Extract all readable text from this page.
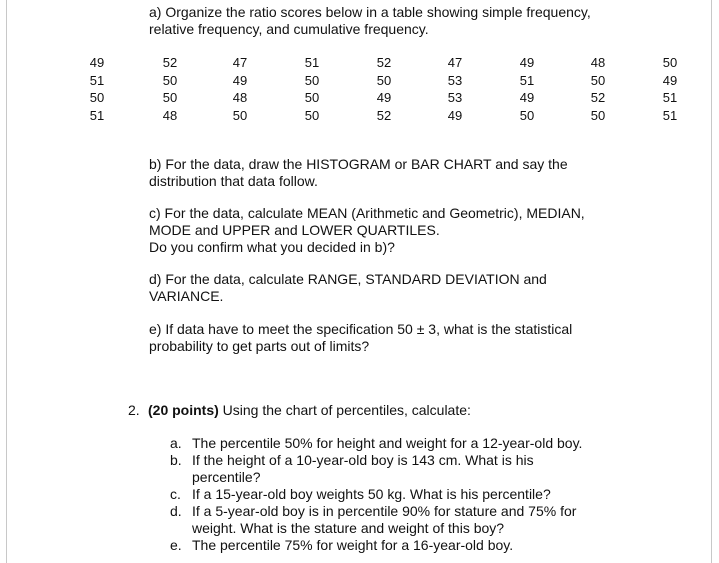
a) Organize the ratio scores below in a table showing simple frequency,
relative frequency, and cumulative frequency.
49
51
50
51
52
50
50
48
47
49
48
50
51
50
50
50
52
50
49
52
47
53
53
49
49
51
49
50
48
50
52
50
50
49
51
51
b) For the data, draw the HISTOGRAM or BAR CHART and say the
distribution that data follow.
c) For the data, calculate MEAN (Arithmetic and Geometric), MEDIAN,
MODE and UPPER and LOWER QUARTILES.
Do you confirm what you decided in b)?
d) For the data, calculate RANGE, STANDARD DEVIATION and
VARIANCE.
e) If data have to meet the specification 50 ± 3, what is the statistical
probability to get parts out of limits?
2. (20 points) Using the chart of percentiles, calculate:
a. The percentile 50% for height and weight for a 12-year-old boy.
b. If the height of a 10-year-old boy is 143 cm. What is his
percentile?
c. If a 15-year-old boy weights 50 kg. What is his percentile?
d. If a 5-year-old boy is in percentile 90% for stature and 75% for
weight. What is the stature and weight of this boy?
e. The percentile 75% for weight for a 16-year-old boy.
